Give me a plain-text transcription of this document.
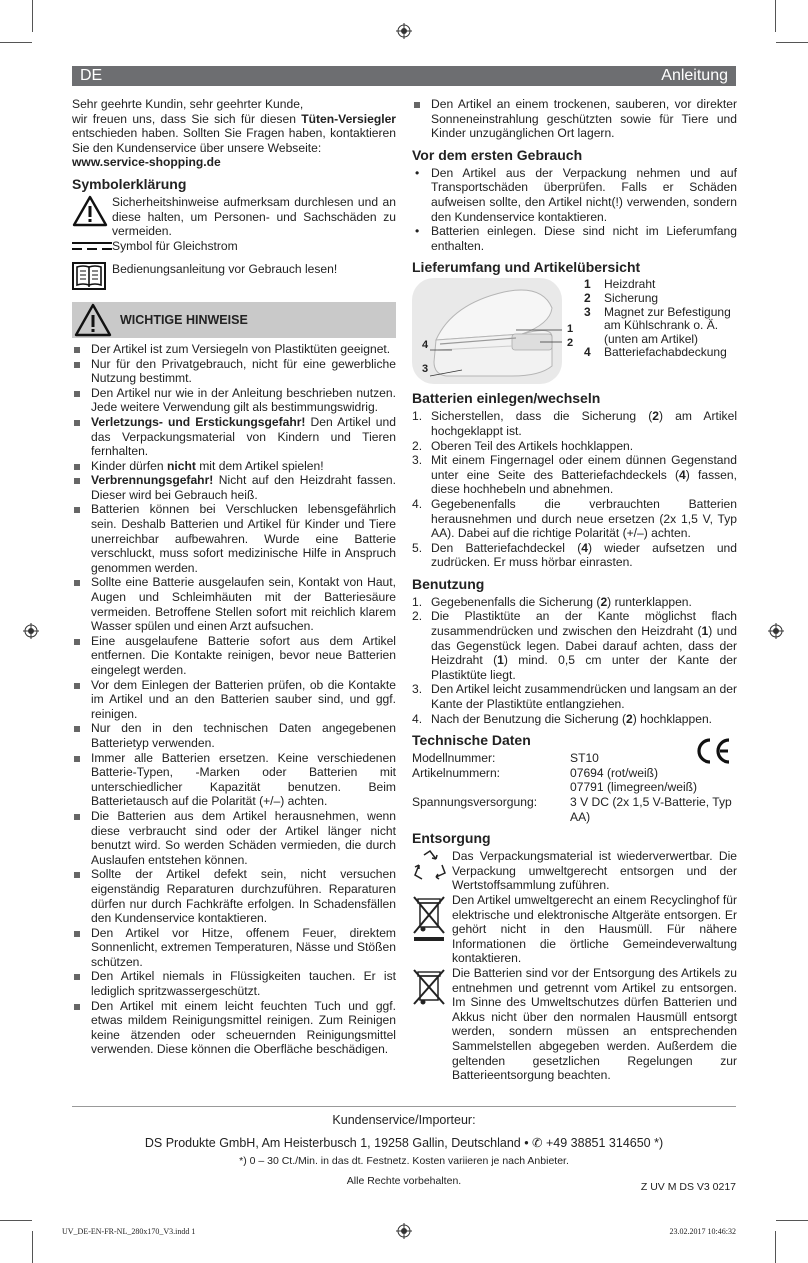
DE	Anleitung

Sehr geehrte Kundin, sehr geehrter Kunde,

wir freuen uns, dass Sie sich für diesen Tüten-Versiegler entschieden haben. Sollten Sie Fragen haben, kontaktieren Sie den Kundenservice über unsere Webseite:

www.service-shopping.de

Symbolerklärung

Sicherheitshinweise aufmerksam durchlesen und an diese halten, um Personen- und Sachschäden zu vermeiden.

Symbol für Gleichstrom

Bedienungsanleitung vor Gebrauch lesen!

WICHTIGE HINWEISE
Der Artikel ist zum Versiegeln von Plastiktüten geeignet.
Nur für den Privatgebrauch, nicht für eine gewerbliche Nutzung bestimmt.
Den Artikel nur wie in der Anleitung beschrieben nutzen. Jede weitere Verwendung gilt als bestimmungswidrig.
Verletzungs- und Erstickungsgefahr! Den Artikel und das Verpackungsmaterial von Kindern und Tieren fernhalten.
Kinder dürfen nicht mit dem Artikel spielen!
Verbrennungsgefahr! Nicht auf den Heizdraht fassen. Dieser wird bei Gebrauch heiß.
Batterien können bei Verschlucken lebensgefährlich sein. Deshalb Batterien und Artikel für Kinder und Tiere unerreichbar aufbewahren. Wurde eine Batterie verschluckt, muss sofort medizinische Hilfe in Anspruch genommen werden.
Sollte eine Batterie ausgelaufen sein, Kontakt von Haut, Augen und Schleimhäuten mit der Batteriesäure vermeiden. Betroffene Stellen sofort mit reichlich klarem Wasser spülen und einen Arzt aufsuchen.
Eine ausgelaufene Batterie sofort aus dem Artikel entfernen. Die Kontakte reinigen, bevor neue Batterien eingelegt werden.
Vor dem Einlegen der Batterien prüfen, ob die Kontakte im Artikel und an den Batterien sauber sind, und ggf. reinigen.
Nur den in den technischen Daten angegebenen Batterietyp verwenden.
Immer alle Batterien ersetzen. Keine verschiedenen Batterie-Typen, -Marken oder Batterien mit unterschiedlicher Kapazität benutzen. Beim Batterietausch auf die Polarität (+/–) achten.
Die Batterien aus dem Artikel herausnehmen, wenn diese verbraucht sind oder der Artikel länger nicht benutzt wird. So werden Schäden vermieden, die durch Auslaufen entstehen können.
Sollte der Artikel defekt sein, nicht versuchen eigenständig Reparaturen durchzuführen. Reparaturen dürfen nur durch Fachkräfte erfolgen. In Schadensfällen den Kundenservice kontaktieren.
Den Artikel vor Hitze, offenem Feuer, direktem Sonnenlicht, extremen Temperaturen, Nässe und Stößen schützen.
Den Artikel niemals in Flüssigkeiten tauchen. Er ist lediglich spritzwassergeschützt.
Den Artikel mit einem leicht feuchten Tuch und ggf. etwas mildem Reinigungsmittel reinigen. Zum Reinigen keine ätzenden oder scheuernden Reinigungsmittel verwenden. Diese können die Oberfläche beschädigen.
Den Artikel an einem trockenen, sauberen, vor direkter Sonneneinstrahlung geschützten sowie für Tiere und Kinder unzugänglichen Ort lagern.
Vor dem ersten Gebrauch
• Den Artikel aus der Verpackung nehmen und auf Transportschäden überprüfen. Falls er Schäden aufweisen sollte, den Artikel nicht(!) verwenden, sondern den Kundenservice kontaktieren.
• Batterien einlegen. Diese sind nicht im Lieferumfang enthalten.
Lieferumfang und Artikelübersicht
1
2
4
3
1	Heizdraht
2	Sicherung
3	Magnet zur Befestigung am Kühlschrank o. Ä. (unten am Artikel)
4	Batteriefachabdeckung
Batterien einlegen/wechseln
1. Sicherstellen, dass die Sicherung (2) am Artikel hochgeklappt ist.
2. Oberen Teil des Artikels hochklappen.
3. Mit einem Fingernagel oder einem dünnen Gegenstand unter eine Seite des Batteriefachdeckels (4) fassen, diese hochhebeln und abnehmen.
4. Gegebenenfalls die verbrauchten Batterien herausnehmen und durch neue ersetzen (2x 1,5 V, Typ AA). Dabei auf die richtige Polarität (+/–) achten.
5. Den Batteriefachdeckel (4) wieder aufsetzen und zudrücken. Er muss hörbar einrasten.
Benutzung
1. Gegebenenfalls die Sicherung (2) runterklappen.
2. Die Plastiktüte an der Kante möglichst flach zusammendrücken und zwischen den Heizdraht (1) und das Gegenstück legen. Dabei darauf achten, dass der Heizdraht (1) mind. 0,5 cm unter der Kante der Plastiktüte liegt.
3. Den Artikel leicht zusammendrücken und langsam an der Kante der Plastiktüte entlangziehen.
4. Nach der Benutzung die Sicherung (2) hochklappen.
Technische Daten
Modellnummer:	ST10
Artikelnummern:	07694 (rot/weiß)
07791 (limegreen/weiß)
Spannungsversorgung:	3 V DC (2x 1,5 V-Batterie, Typ AA)
Entsorgung

Das Verpackungsmaterial ist wiederverwertbar. Die Verpackung umweltgerecht entsorgen und der Wertstoffsammlung zuführen.

Den Artikel umweltgerecht an einem Recyclinghof für elektrische und elektronische Altgeräte entsorgen. Er gehört nicht in den Hausmüll. Für nähere Informationen die örtliche Gemeindeverwaltung kontaktieren.

Die Batterien sind vor der Entsorgung des Artikels zu entnehmen und getrennt vom Artikel zu entsorgen. Im Sinne des Umweltschutzes dürfen Batterien und Akkus nicht über den normalen Hausmüll entsorgt werden, sondern müssen an entsprechenden Sammelstellen abgegeben werden. Außerdem die geltenden gesetzlichen Regelungen zur Batterieentsorgung beachten.

Kundenservice/Importeur:
DS Produkte GmbH, Am Heisterbusch 1, 19258 Gallin, Deutschland • ✆ +49 38851 314650 *)
*) 0 – 30 Ct./Min. in das dt. Festnetz. Kosten variieren je nach Anbieter.
Alle Rechte vorbehalten.	Z UV M DS V3 0217
UV_DE-EN-FR-NL_280x170_V3.indd 1	23.02.2017 10:46:32
